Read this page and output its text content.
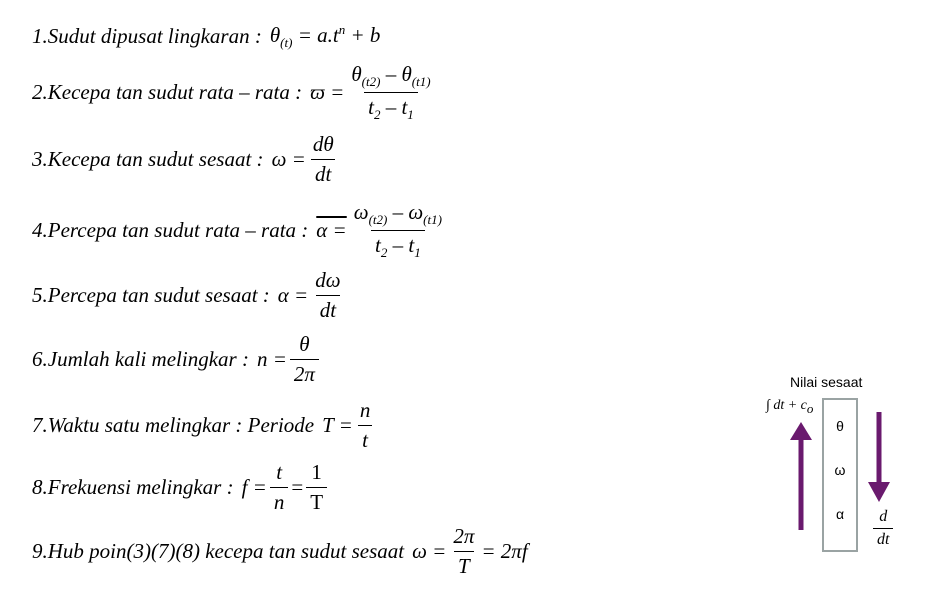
1.Sudut dipusat lingkaran : $\theta_{(t)} = a.t^n + b$
2.Kecepa tan sudut rata – rata : $ϖ = \frac{\theta_{(t2)} - \theta_{(t1)}}{t_2 - t_1}$
3.Kecepa tan sudut sesaat : $\omega = \frac{d\theta}{dt}$
4.Percepa tan sudut rata – rata : $\alpha = \frac{\omega_{(t2)} - \omega_{(t1)}}{t_2 - t_1}$
5.Percepa tan sudut sesaat : $\alpha = \frac{d\omega}{dt}$
6.Jumlah kali melingkar : $n = \frac{\theta}{2\pi}$
7.Waktu satu melingkar : Periode $T = \frac{n}{t}$
8.Frekuensi melingkar : $f = \frac{t}{n} = \frac{1}{T}$
9.Hub poin(3)(7)(8) kecepa tan sudut sesaat $\omega = \frac{2\pi}{T} = 2\pi f$
Nilai sesaat
∫ dt + $c_o$
θ
ω
α	$\frac{d}{dt}$
